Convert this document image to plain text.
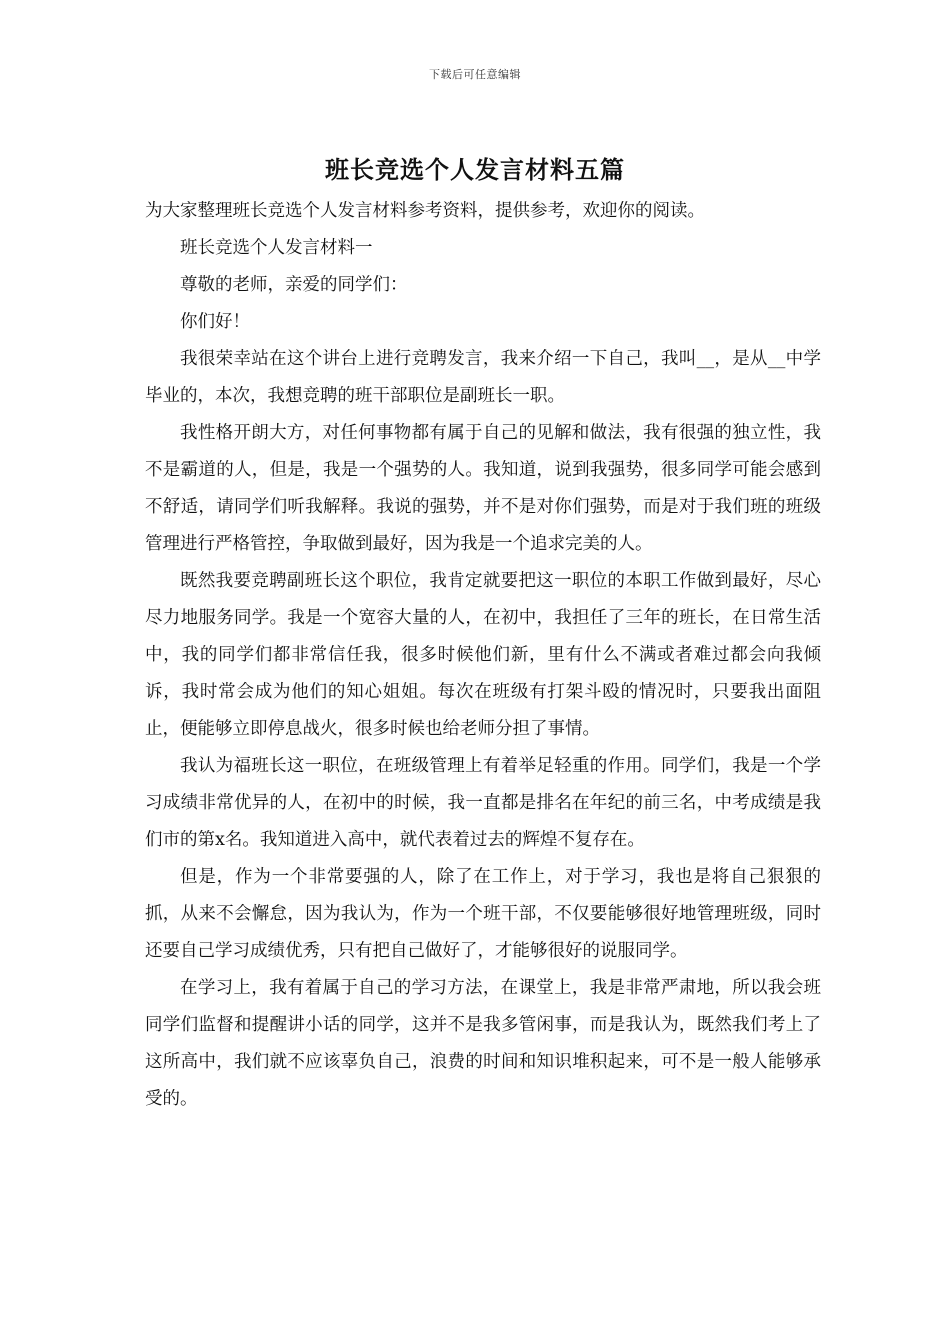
下载后可任意编辑
班长竞选个人发言材料五篇

为大家整理班长竞选个人发言材料参考资料，提供参考，欢迎你的阅读。

班长竞选个人发言材料一

尊敬的老师，亲爱的同学们：

你们好！

我很荣幸站在这个讲台上进行竞聘发言，我来介绍一下自己，我叫__，是从__中学毕业的，本次，我想竞聘的班干部职位是副班长一职。

我性格开朗大方，对任何事物都有属于自己的见解和做法，我有很强的独立性，我不是霸道的人，但是，我是一个强势的人。我知道，说到我强势，很多同学可能会感到不舒适，请同学们听我解释。我说的强势，并不是对你们强势，而是对于我们班的班级管理进行严格管控，争取做到最好，因为我是一个追求完美的人。

既然我要竞聘副班长这个职位，我肯定就要把这一职位的本职工作做到最好，尽心尽力地服务同学。我是一个宽容大量的人，在初中，我担任了三年的班长，在日常生活中，我的同学们都非常信任我，很多时候他们新，里有什么不满或者难过都会向我倾诉，我时常会成为他们的知心姐姐。每次在班级有打架斗殴的情况时，只要我出面阻止，便能够立即停息战火，很多时候也给老师分担了事情。

我认为福班长这一职位，在班级管理上有着举足轻重的作用。同学们，我是一个学习成绩非常优异的人，在初中的时候，我一直都是排名在年纪的前三名，中考成绩是我们市的第x名。我知道进入高中，就代表着过去的辉煌不复存在。

但是，作为一个非常要强的人，除了在工作上，对于学习，我也是将自己狠狠的抓，从来不会懈怠，因为我认为，作为一个班干部，不仅要能够很好地管理班级，同时还要自己学习成绩优秀，只有把自己做好了，才能够很好的说服同学。

在学习上，我有着属于自己的学习方法，在课堂上，我是非常严肃地，所以我会班同学们监督和提醒讲小话的同学，这并不是我多管闲事，而是我认为，既然我们考上了这所高中，我们就不应该辜负自己，浪费的时间和知识堆积起来，可不是一般人能够承受的。
